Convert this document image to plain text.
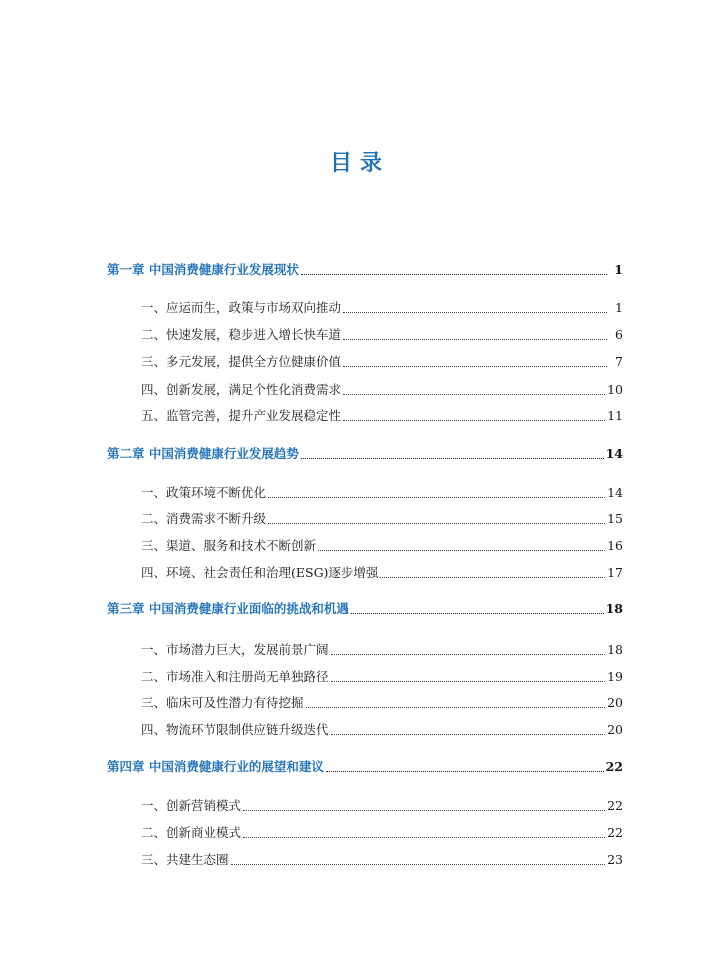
目录
第一章 中国消费健康行业发展现状	1
一、应运而生，政策与市场双向推动	1
二、快速发展，稳步进入增长快车道	6
三、多元发展，提供全方位健康价值	7
四、创新发展，满足个性化消费需求	10
五、监管完善，提升产业发展稳定性	11
第二章 中国消费健康行业发展趋势	14
一、政策环境不断优化	14
二、消费需求不断升级	15
三、渠道、服务和技术不断创新	16
四、环境、社会责任和治理(ESG)逐步增强	17
第三章 中国消费健康行业面临的挑战和机遇	18
一、市场潜力巨大，发展前景广阔	18
二、市场准入和注册尚无单独路径	19
三、临床可及性潜力有待挖掘	20
四、物流环节限制供应链升级迭代	20
第四章 中国消费健康行业的展望和建议	22
一、创新营销模式	22
二、创新商业模式	22
三、共建生态圈	23
